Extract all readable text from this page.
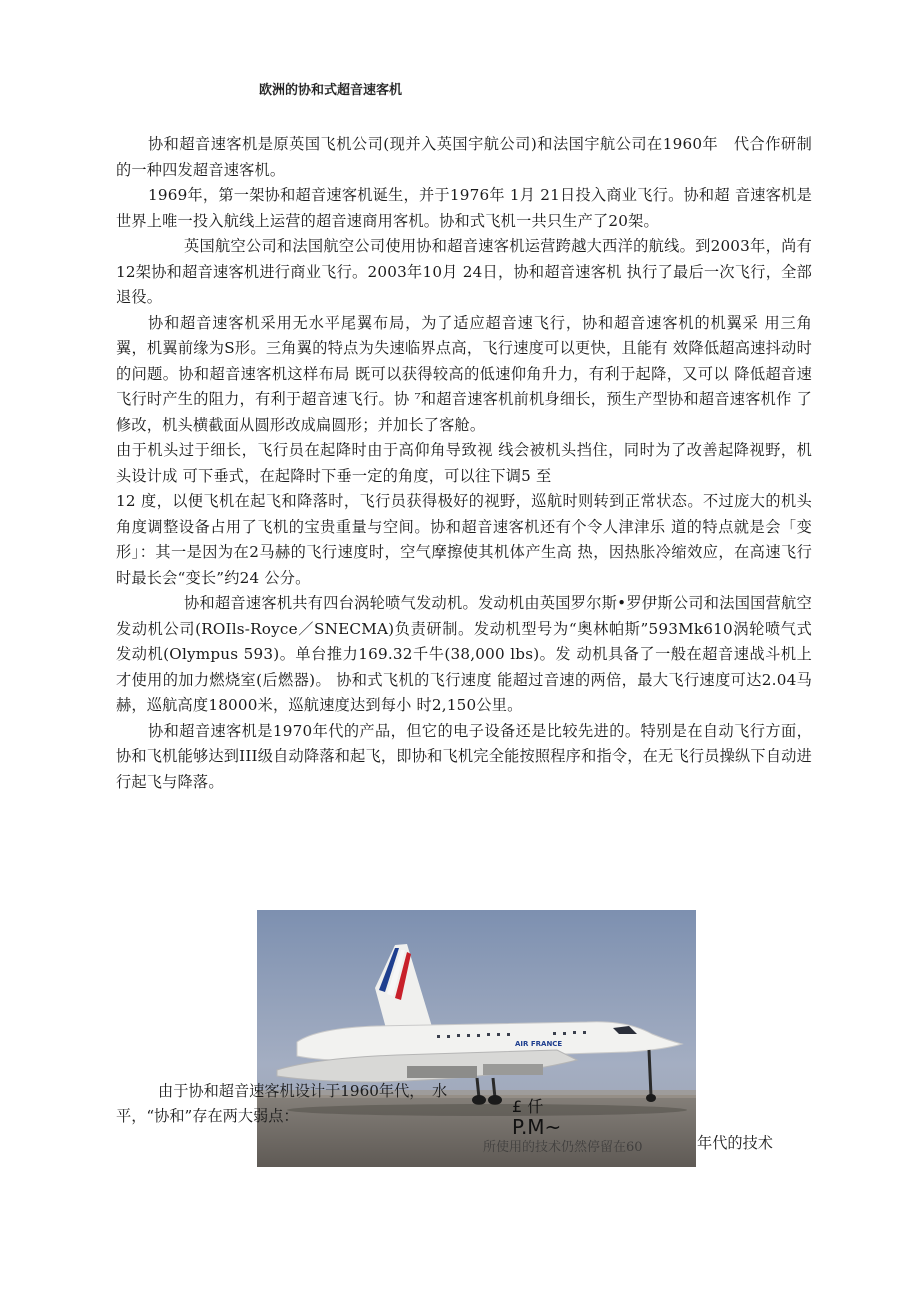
欧洲的协和式超音速客机

协和超音速客机是原英国飞机公司(现并入英国宇航公司)和法国宇航公司在1960年　代合作研制的一种四发超音速客机。

1969年，第一架协和超音速客机诞生，并于1976年 1月 21日投入商业飞行。协和超 音速客机是世界上唯一投入航线上运营的超音速商用客机。协和式飞机一共只生产了20架。

英国航空公司和法国航空公司使用协和超音速客机运营跨越大西洋的航线。到2003年，尚有12架协和超音速客机进行商业飞行。2003年10月 24日，协和超音速客机 执行了最后一次飞行，全部退役。

协和超音速客机采用无水平尾翼布局，为了适应超音速飞行，协和超音速客机的机翼采 用三角翼，机翼前缘为S形。三角翼的特点为失速临界点高，飞行速度可以更快，且能有 效降低超高速抖动时的问题。协和超音速客机这样布局 既可以获得较高的低速仰角升力，有利于起降，又可以 降低超音速飞行时产生的阻力，有利于超音速飞行。协 ⁷和超音速客机前机身细长，预生产型协和超音速客机作 了修改，机头横截面从圆形改成扁圆形；并加长了客舱。

由于机头过于细长，飞行员在起降时由于高仰角导致视 线会被机头挡住，同时为了改善起降视野，机头设计成 可下垂式，在起降时下垂一定的角度，可以往下调5 至

12 度，以便飞机在起飞和降落时，飞行员获得极好的视野，巡航时则转到正常状态。不过庞大的机头角度调整设备占用了飞机的宝贵重量与空间。协和超音速客机还有个令人津津乐 道的特点就是会「变形」：其一是因为在2马赫的飞行速度时，空气摩擦使其机体产生高 热，因热胀冷缩效应，在高速飞行时最长会“变长”约24 公分。

协和超音速客机共有四台涡轮喷气发动机。发动机由英国罗尔斯•罗伊斯公司和法国国营航空发动机公司(ROIls-Royce／SNECMA)负责研制。发动机型号为“奥林帕斯”593Mk610涡轮喷气式发动机(Olympus 593)。单台推力169.32千牛(38,000 lbs)。发 动机具备了一般在超音速战斗机上才使用的加力燃烧室(后燃器)。 协和式飞机的飞行速度 能超过音速的两倍，最大飞行速度可达2.04马赫，巡航高度18000米，巡航速度达到每小 时2,150公里。

协和超音速客机是1970年代的产品，但它的电子设备还是比较先进的。特别是在自动飞行方面，协和飞机能够达到III级自动降落和起飞，即协和飞机完全能按照程序和指令，在无飞行员操纵下自动进行起飞与降落。

AIR FRANCE
由于协和超音速客机设计于1960年代，　水
平，“协和”存在两大弱点：
年代的技术
£ 仟
P.M~
所使用的技术仍然停留在60
